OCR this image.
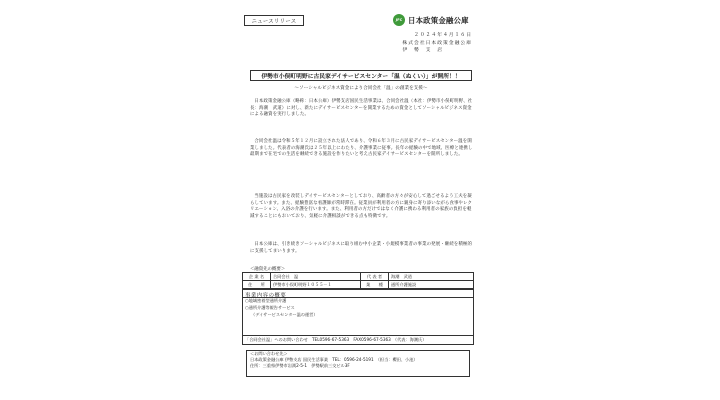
ニュースリリース	JFC 日本政策金融公庫
２０２４年４月１６日
株式会社日本政策金融公庫
伊　勢　支　店
伊勢市小俣町明野に古民家デイサービスセンター「温（ぬくい）」が開所！！
～ソーシャルビジネス資金により合同会社「温」の創業を支援～

日本政策金融公庫（略称：日本公庫）伊勢支店国民生活事業は、合同会社温（本社：伊勢市小俣町明野、社長：海潮　武道）に対し、新たにデイサービスセンターを開業するための資金としてソーシャルビジネス資金による融資を実行しました。

合同会社温は令和５年１２月に設立された法人であり、令和６年３月に古民家デイサービスセンター温を開業しました。代表者の海潮氏は２５年以上にわたり、介護事業に従事。長年の経験の中で地域、医療と連携し最期まで在宅での生活を継続できる施設を作りたいと考え古民家デイサービスセンターを開所しました。

当施設は古民家を改装しデイサービスセンターとしており、高齢者の方々が安心して過ごせるよう工夫を凝らしています。また、経験豊富な看護師が常時滞在。従業員が利用者の方に親身に寄り添いながら食事やレクリエーション、入浴の介護を行います。また、利用者の方だけではなく介護に携わる利用者の家族の負担を軽減することにもおいており、気軽に介護相談ができる点も特徴です。

日本公庫は、引き続きソーシャルビジネスに取り組む中小企業・小規模事業者の事業の発展・継続を積極的に支援してまいります。

＜融資先の概要＞
企 業 名	合同会社　温	代 表 者	海潮　武道
住　　所	伊勢市小俣町明野１０５５－１	業　　種	通所介護施設
事業内容の概要
○地域密着型通所介護
○通所介護等報告サービス
（デイサービスセンター温の運営）
「合同会社温」へのお問い合わせ　TEL0596-67-5363　FAX0596-67-5363　（代表：海潮氏）
＜お問い合わせ先＞
日本政策金融公庫 伊勢支店 国民生活事業　TEL：0596-24-5191　（担当：櫻田、小池）
住所：三重県伊勢市岩渕2-5-1　伊勢駅前三交ビル3F
